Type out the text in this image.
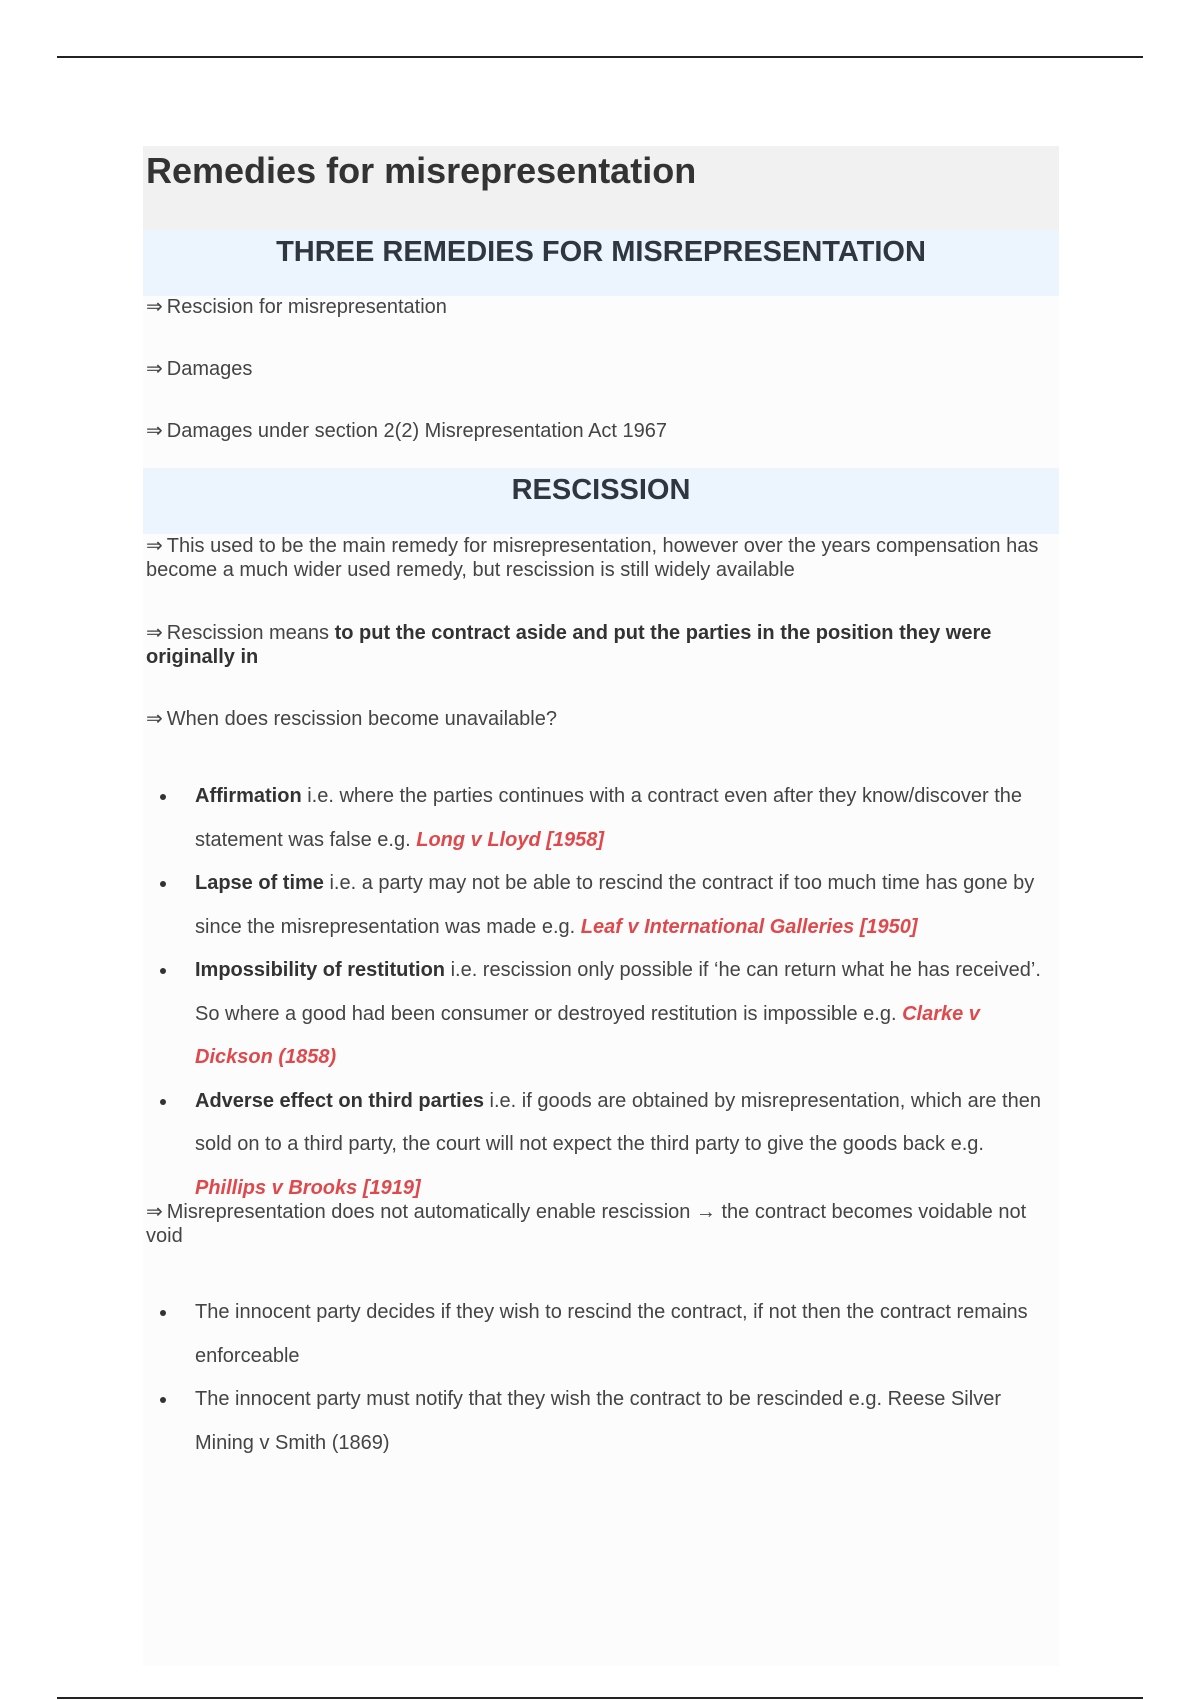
Remedies for misrepresentation
THREE REMEDIES FOR MISREPRESENTATION

⇒ Rescision for misrepresentation

⇒ Damages

⇒ Damages under section 2(2) Misrepresentation Act 1967

RESCISSION

⇒ This used to be the main remedy for misrepresentation, however over the years compensation has become a much wider used remedy, but rescission is still widely available

⇒ Rescission means to put the contract aside and put the parties in the position they were originally in

⇒ When does rescission become unavailable?

Affirmation i.e. where the parties continues with a contract even after they know/discover the statement was false e.g. Long v Lloyd [1958]
Lapse of time i.e. a party may not be able to rescind the contract if too much time has gone by since the misrepresentation was made e.g. Leaf v International Galleries [1950]
Impossibility of restitution i.e. rescission only possible if ‘he can return what he has received’. So where a good had been consumer or destroyed restitution is impossible e.g. Clarke v Dickson (1858)
Adverse effect on third parties i.e. if goods are obtained by misrepresentation, which are then sold on to a third party, the court will not expect the third party to give the goods back e.g. Phillips v Brooks [1919]

⇒ Misrepresentation does not automatically enable rescission → the contract becomes voidable not void

The innocent party decides if they wish to rescind the contract, if not then the contract remains enforceable
The innocent party must notify that they wish the contract to be rescinded e.g. Reese Silver Mining v Smith (1869)
